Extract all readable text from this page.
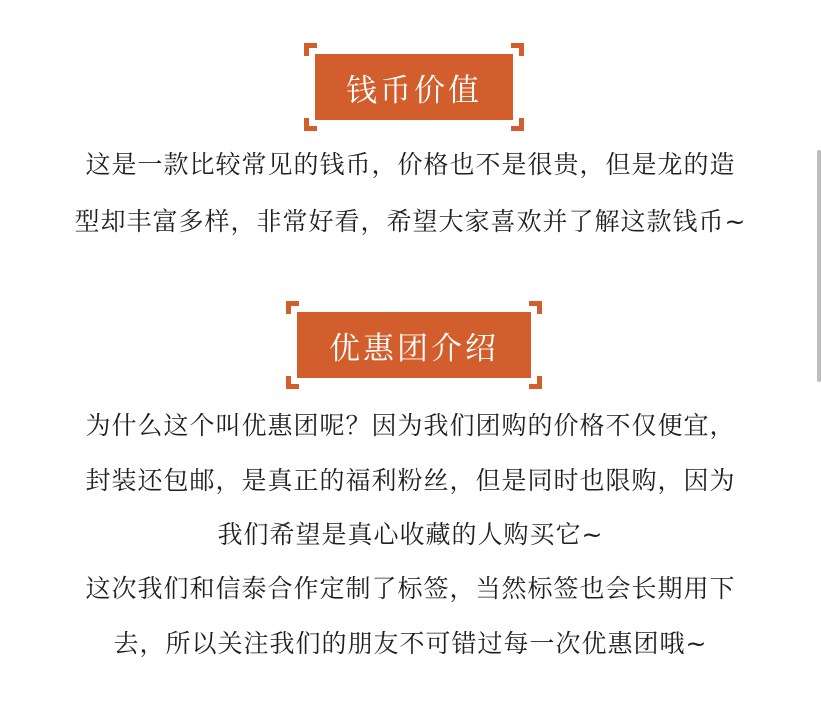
钱币价值
这是一款比较常见的钱币，价格也不是很贵，但是龙的造
型却丰富多样，非常好看，希望大家喜欢并了解这款钱币~
优惠团介绍
为什么这个叫优惠团呢？因为我们团购的价格不仅便宜，
封装还包邮，是真正的福利粉丝，但是同时也限购，因为
我们希望是真心收藏的人购买它~
这次我们和信泰合作定制了标签，当然标签也会长期用下
去，所以关注我们的朋友不可错过每一次优惠团哦~
